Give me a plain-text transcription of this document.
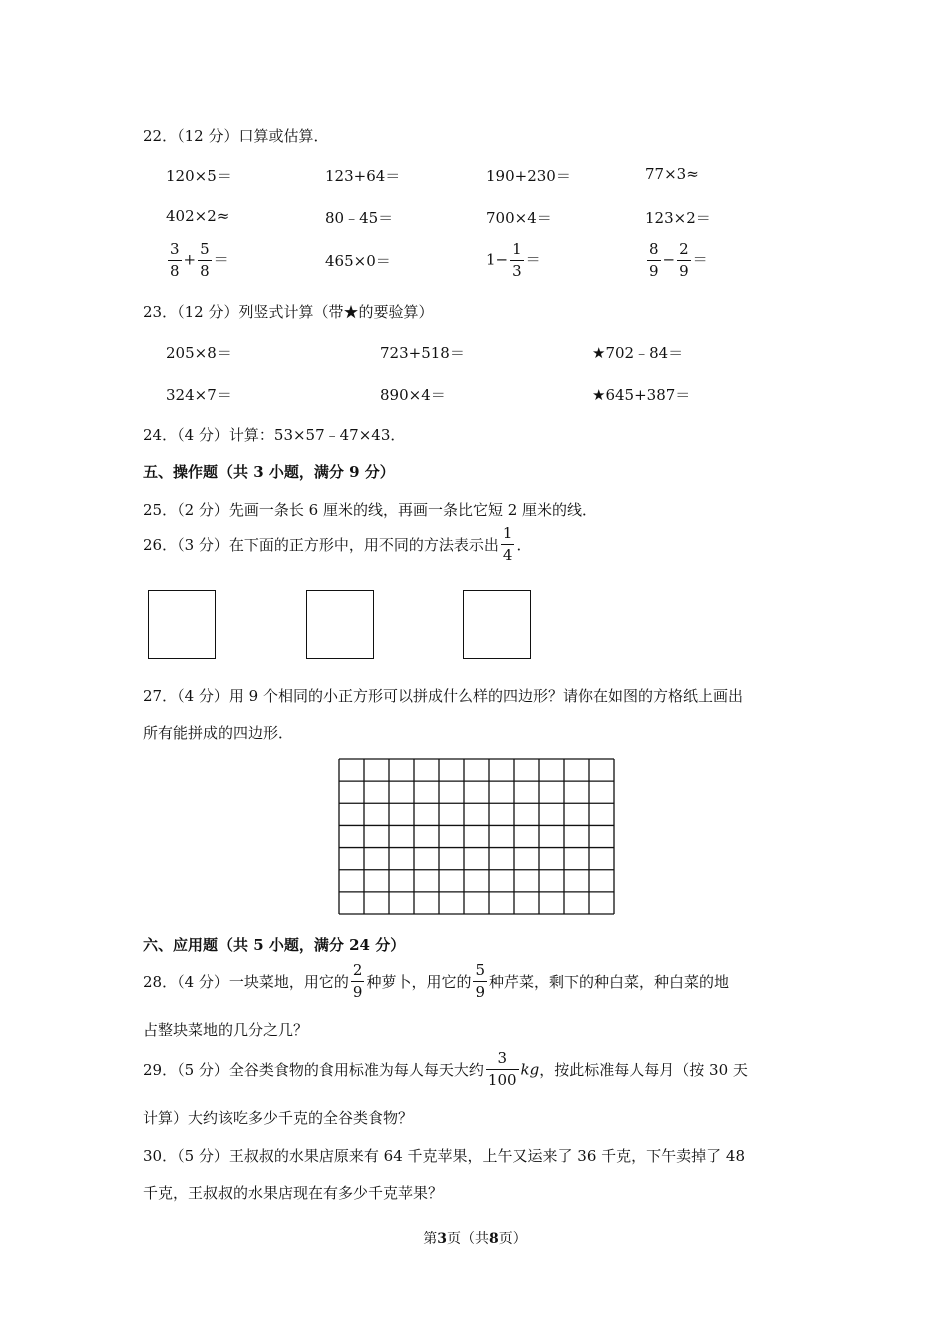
22．（12 分）口算或估算．
120×5＝	123+64＝	190+230＝	77×3≈
402×2≈	80﹣45＝	700×4＝	123×2＝
$\frac{3}{8} + \frac{5}{8}$ ＝	465×0＝	$1- \frac{1}{3}$ ＝	$\frac{8}{9} - \frac{2}{9}$ ＝
23．（12 分）列竖式计算（带★的要验算）
205×8＝	723+518＝	★702﹣84＝
324×7＝	890×4＝	★645+387＝
24．（4 分）计算：53×57﹣47×43．
五、操作题（共 3 小题，满分 9 分）
25．（2 分）先画一条长 6 厘米的线，再画一条比它短 2 厘米的线．
26．（3 分）在下面的正方形中，用不同的方法表示出 $\frac{1}{4}$ ．
27．（4 分）用 9 个相同的小正方形可以拼成什么样的四边形？请你在如图的方格纸上画出
所有能拼成的四边形．
六、应用题（共 5 小题，满分 24 分）
28．（4 分）一块菜地，用它的 $\frac{2}{9}$ 种萝卜，用它的 $\frac{5}{9}$ 种芹菜，剩下的种白菜，种白菜的地
占整块菜地的几分之几？
29．（5 分）全谷类食物的食用标准为每人每天大约 $\frac{3}{100}$ kg，按此标准每人每月（按 30 天
计算）大约该吃多少千克的全谷类食物？
30．（5 分）王叔叔的水果店原来有 64 千克苹果，上午又运来了 36 千克，下午卖掉了 48
千克，王叔叔的水果店现在有多少千克苹果？
第3页（共8页）
